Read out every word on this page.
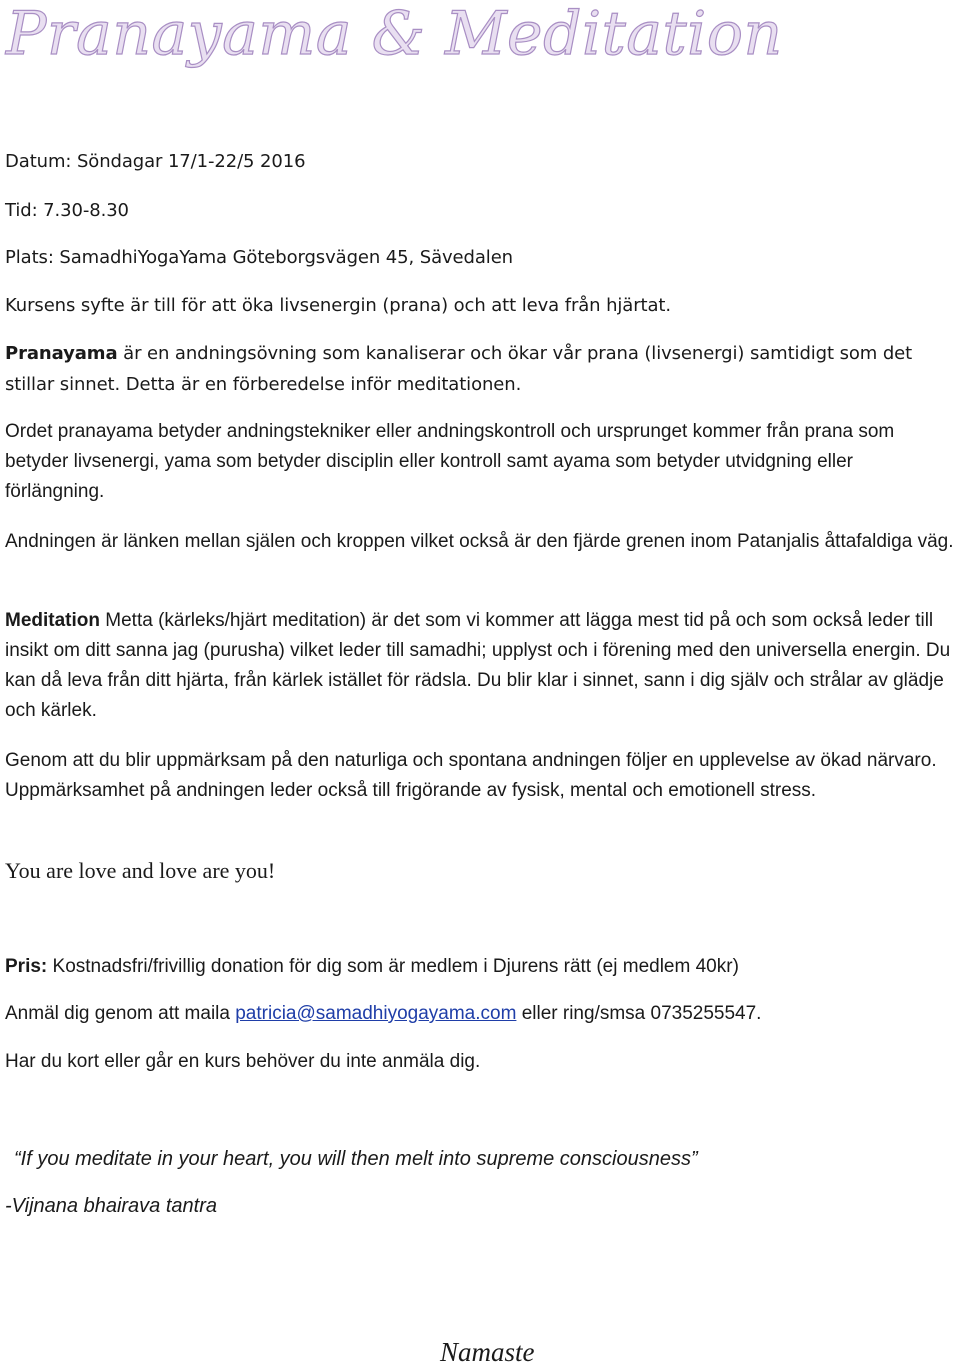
Pranayama & Meditation

Datum: Söndagar 17/1-22/5 2016

Tid: 7.30-8.30

Plats: SamadhiYogaYama Göteborgsvägen 45, Sävedalen

Kursens syfte är till för att öka livsenergin (prana) och att leva från hjärtat.

Pranayama är en andningsövning som kanaliserar och ökar vår prana (livsenergi) samtidigt som det stillar sinnet. Detta är en förberedelse inför meditationen.

Ordet pranayama betyder andningstekniker eller andningskontroll och ursprunget kommer från prana som betyder livsenergi, yama som betyder disciplin eller kontroll samt ayama som betyder utvidgning eller förlängning.

Andningen är länken mellan själen och kroppen vilket också är den fjärde grenen inom Patanjalis åttafaldiga väg.

Meditation Metta (kärleks/hjärt meditation) är det som vi kommer att lägga mest tid på och som också leder till insikt om ditt sanna jag (purusha) vilket leder till samadhi; upplyst och i förening med den universella energin. Du kan då leva från ditt hjärta, från kärlek istället för rädsla. Du blir klar i sinnet, sann i dig själv och strålar av glädje och kärlek.

Genom att du blir uppmärksam på den naturliga och spontana andningen följer en upplevelse av ökad närvaro. Uppmärksamhet på andningen leder också till frigörande av fysisk, mental och emotionell stress.

You are love and love are you!

Pris: Kostnadsfri/frivillig donation för dig som är medlem i Djurens rätt (ej medlem 40kr)

Anmäl dig genom att maila patricia@samadhiyogayama.com eller ring/smsa 0735255547.

Har du kort eller går en kurs behöver du inte anmäla dig.

“If you meditate in your heart, you will then melt into supreme consciousness”

-Vijnana bhairava tantra

Namaste
